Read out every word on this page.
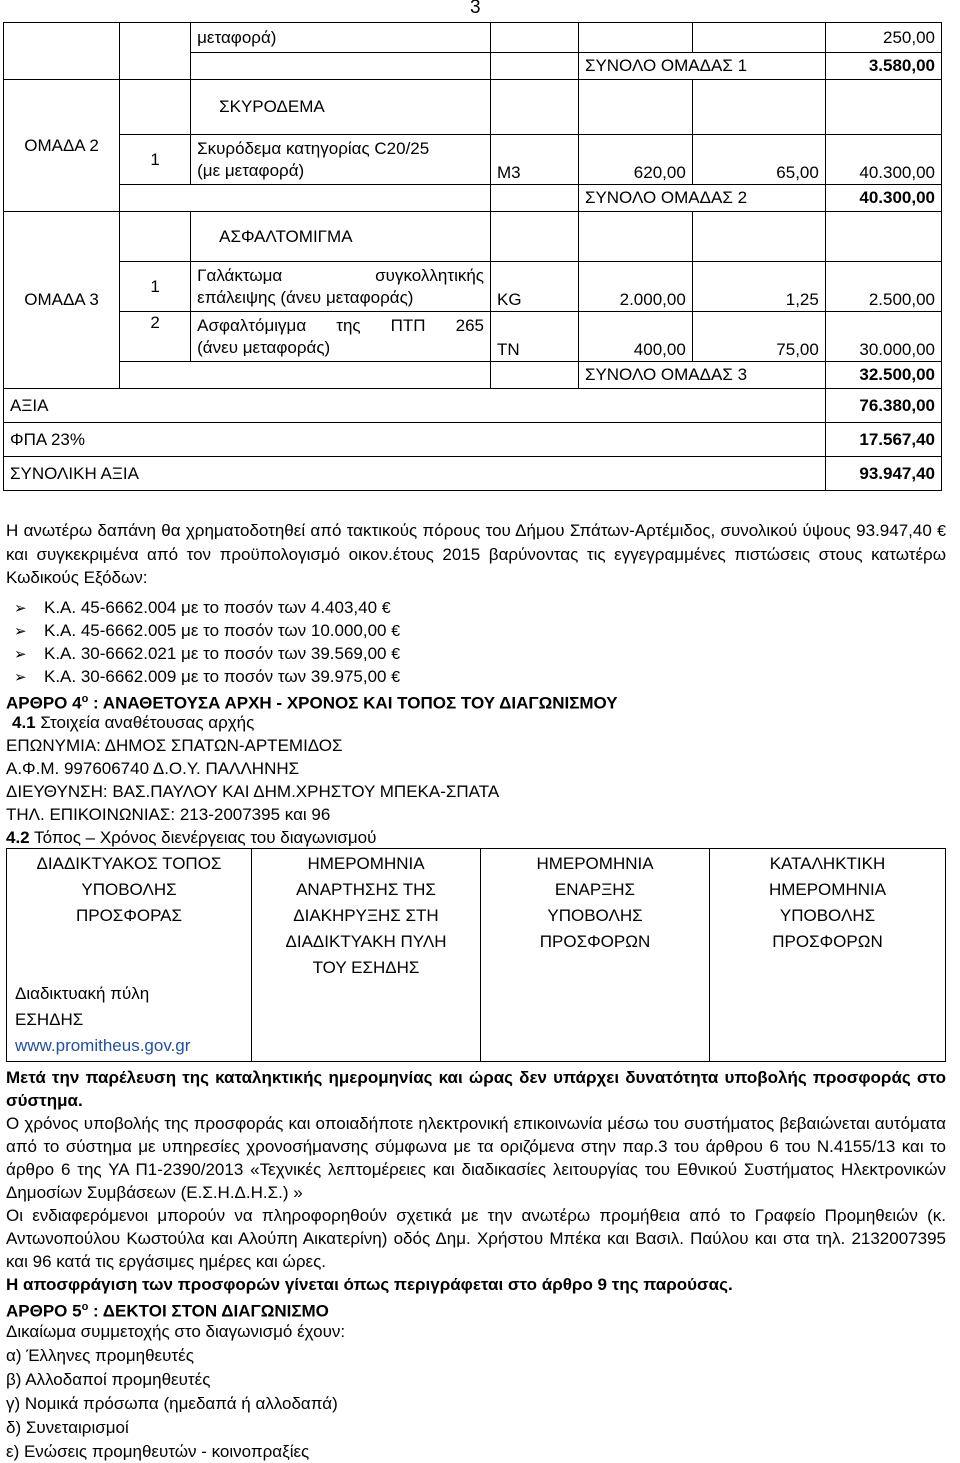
3
		μεταφορά)				250,00
				ΣΥΝΟΛΟ ΟΜΑΔΑΣ 1		3.580,00
ΟΜΑΔΑ 2		ΣΚΥΡΟΔΕΜΑ				
	1	Σκυρόδεμα κατηγορίας C20/25
(με μεταφορά)	M3	620,00	65,00	40.300,00
				ΣΥΝΟΛΟ ΟΜΑΔΑΣ 2		40.300,00
ΟΜΑΔΑ 3		ΑΣΦΑΛΤΟΜΙΓΜΑ				
	1	Γαλάκτωμα συγκολλητικής
επάλειψης (άνευ μεταφοράς)	KG	2.000,00	1,25	2.500,00
	2	Ασφαλτόμιγμα της ΠΤΠ 265
(άνευ μεταφοράς)	TN	400,00	75,00	30.000,00
				ΣΥΝΟΛΟ ΟΜΑΔΑΣ 3		32.500,00
ΑΞΙΑ						76.380,00
ΦΠΑ 23%						17.567,40
ΣΥΝΟΛΙΚΗ ΑΞΙΑ						93.947,40
Η ανωτέρω δαπάνη θα χρηματοδοτηθεί από τακτικούς πόρους του Δήμου Σπάτων-Αρτέμιδος, συνολικού ύψους 93.947,40 € και συγκεκριμένα από τον προϋπολογισμό οικον.έτους 2015 βαρύνοντας τις εγγεγραμμένες πιστώσεις στους κατωτέρω Κωδικούς Εξόδων:
➢ Κ.Α. 45-6662.004 με το ποσόν των 4.403,40 €
➢ Κ.Α. 45-6662.005 με το ποσόν των 10.000,00 €
➢ Κ.Α. 30-6662.021 με το ποσόν των 39.569,00 €
➢ Κ.Α. 30-6662.009 με το ποσόν των 39.975,00 €
ΑΡΘΡΟ $4^o$ : ΑΝΑΘΕΤΟΥΣΑ ΑΡΧΗ - ΧΡΟΝΟΣ ΚΑΙ ΤΟΠΟΣ ΤΟΥ ΔΙΑΓΩΝΙΣΜΟΥ
4.1 Στοιχεία αναθέτουσας αρχής
ΕΠΩΝΥΜΙΑ: ΔΗΜΟΣ ΣΠΑΤΩΝ-ΑΡΤΕΜΙΔΟΣ
Α.Φ.Μ. 997606740 Δ.Ο.Υ. ΠΑΛΛΗΝΗΣ
ΔΙΕΥΘΥΝΣΗ: ΒΑΣ.ΠΑΥΛΟΥ ΚΑΙ ΔΗΜ.ΧΡΗΣΤΟΥ ΜΠΕΚΑ-ΣΠΑΤΑ
ΤΗΛ. ΕΠΙΚΟΙΝΩΝΙΑΣ: 213-2007395 και 96
4.2 Τόπος – Χρόνος διενέργειας του διαγωνισμού
ΔΙΑΔΙΚΤΥΑΚΟΣ ΤΟΠΟΣ
ΥΠΟΒΟΛΗΣ
ΠΡΟΣΦΟΡΑΣ
Διαδικτυακή πύλη
ΕΣΗΔΗΣ
www.promitheus.gov.gr

ΗΜΕΡΟΜΗΝΙΑ
ΑΝΑΡΤΗΣΗΣ ΤΗΣ
ΔΙΑΚΗΡΥΞΗΣ ΣΤΗ
ΔΙΑΔΙΚΤΥΑΚΗ ΠΥΛΗ
ΤΟΥ ΕΣΗΔΗΣ

ΗΜΕΡΟΜΗΝΙΑ
ΕΝΑΡΞΗΣ
ΥΠΟΒΟΛΗΣ
ΠΡΟΣΦΟΡΩΝ

ΚΑΤΑΛΗΚΤΙΚΗ
ΗΜΕΡΟΜΗΝΙΑ
ΥΠΟΒΟΛΗΣ
ΠΡΟΣΦΟΡΩΝ
Μετά την παρέλευση της καταληκτικής ημερομηνίας και ώρας δεν υπάρχει δυνατότητα υποβολής προσφοράς στο σύστημα.
Ο χρόνος υποβολής της προσφοράς και οποιαδήποτε ηλεκτρονική επικοινωνία μέσω του συστήματος βεβαιώνεται αυτόματα από το σύστημα με υπηρεσίες χρονοσήμανσης σύμφωνα με τα οριζόμενα στην παρ.3 του άρθρου 6 του Ν.4155/13 και το άρθρο 6 της ΥΑ Π1-2390/2013 «Τεχνικές λεπτομέρειες και διαδικασίες λειτουργίας του Εθνικού Συστήματος Ηλεκτρονικών Δημοσίων Συμβάσεων (Ε.Σ.Η.Δ.Η.Σ.) »
Οι ενδιαφερόμενοι μπορούν να πληροφορηθούν σχετικά με την ανωτέρω προμήθεια από το Γραφείο Προμηθειών (κ. Αντωνοπούλου Κωστούλα και Αλούπη Αικατερίνη) οδός Δημ. Χρήστου Μπέκα και Βασιλ. Παύλου και στα τηλ. 2132007395 και 96 κατά τις εργάσιμες ημέρες και ώρες.
Η αποσφράγιση των προσφορών γίνεται όπως περιγράφεται στο άρθρο 9 της παρούσας.
ΑΡΘΡΟ $5^o$ : ΔΕΚΤΟΙ ΣΤΟΝ ΔΙΑΓΩΝΙΣΜΟ
Δικαίωμα συμμετοχής στο διαγωνισμό έχουν:
α) Έλληνες προμηθευτές
β) Αλλοδαποί προμηθευτές
γ) Νομικά πρόσωπα (ημεδαπά ή αλλοδαπά)
δ) Συνεταιρισμοί
ε) Ενώσεις προμηθευτών - κοινοπραξίες
